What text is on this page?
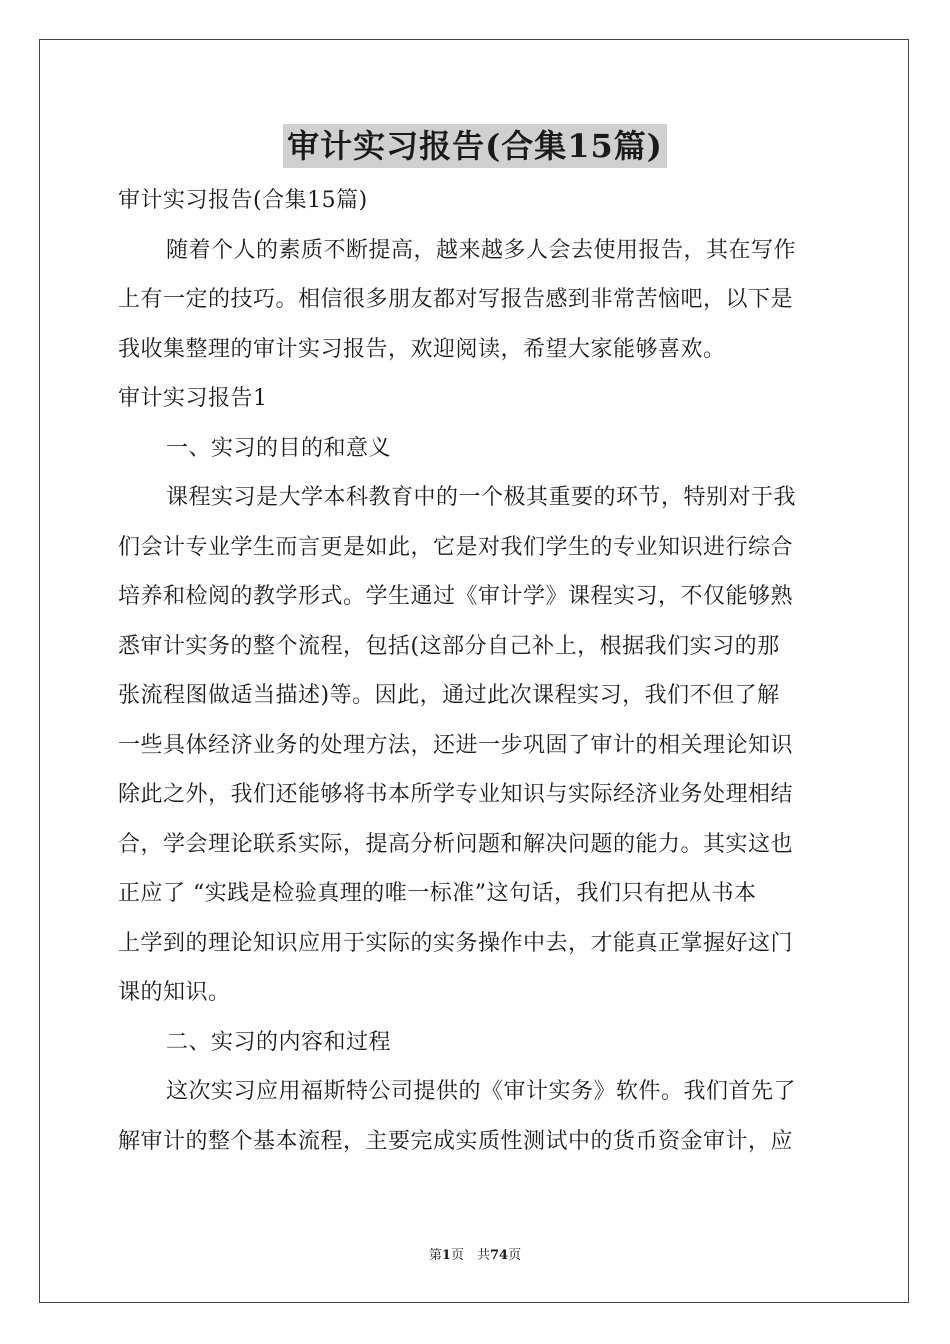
审计实习报告(合集15篇)
审计实习报告(合集15篇)
随着个人的素质不断提高，越来越多人会去使用报告，其在写作
上有一定的技巧。相信很多朋友都对写报告感到非常苦恼吧，以下是
我收集整理的审计实习报告，欢迎阅读，希望大家能够喜欢。
审计实习报告1
一、实习的目的和意义
课程实习是大学本科教育中的一个极其重要的环节，特别对于我
们会计专业学生而言更是如此，它是对我们学生的专业知识进行综合
培养和检阅的教学形式。学生通过《审计学》课程实习，不仅能够熟
悉审计实务的整个流程，包括(这部分自己补上，根据我们实习的那
张流程图做适当描述)等。因此，通过此次课程实习，我们不但了解
一些具体经济业务的处理方法，还进一步巩固了审计的相关理论知识
除此之外，我们还能够将书本所学专业知识与实际经济业务处理相结
合，学会理论联系实际，提高分析问题和解决问题的能力。其实这也
正应了 “实践是检验真理的唯一标准”这句话，我们只有把从书本
上学到的理论知识应用于实际的实务操作中去，才能真正掌握好这门
课的知识。
二、实习的内容和过程
这次实习应用福斯特公司提供的《审计实务》软件。我们首先了
解审计的整个基本流程，主要完成实质性测试中的货币资金审计，应
第1页　共74页
